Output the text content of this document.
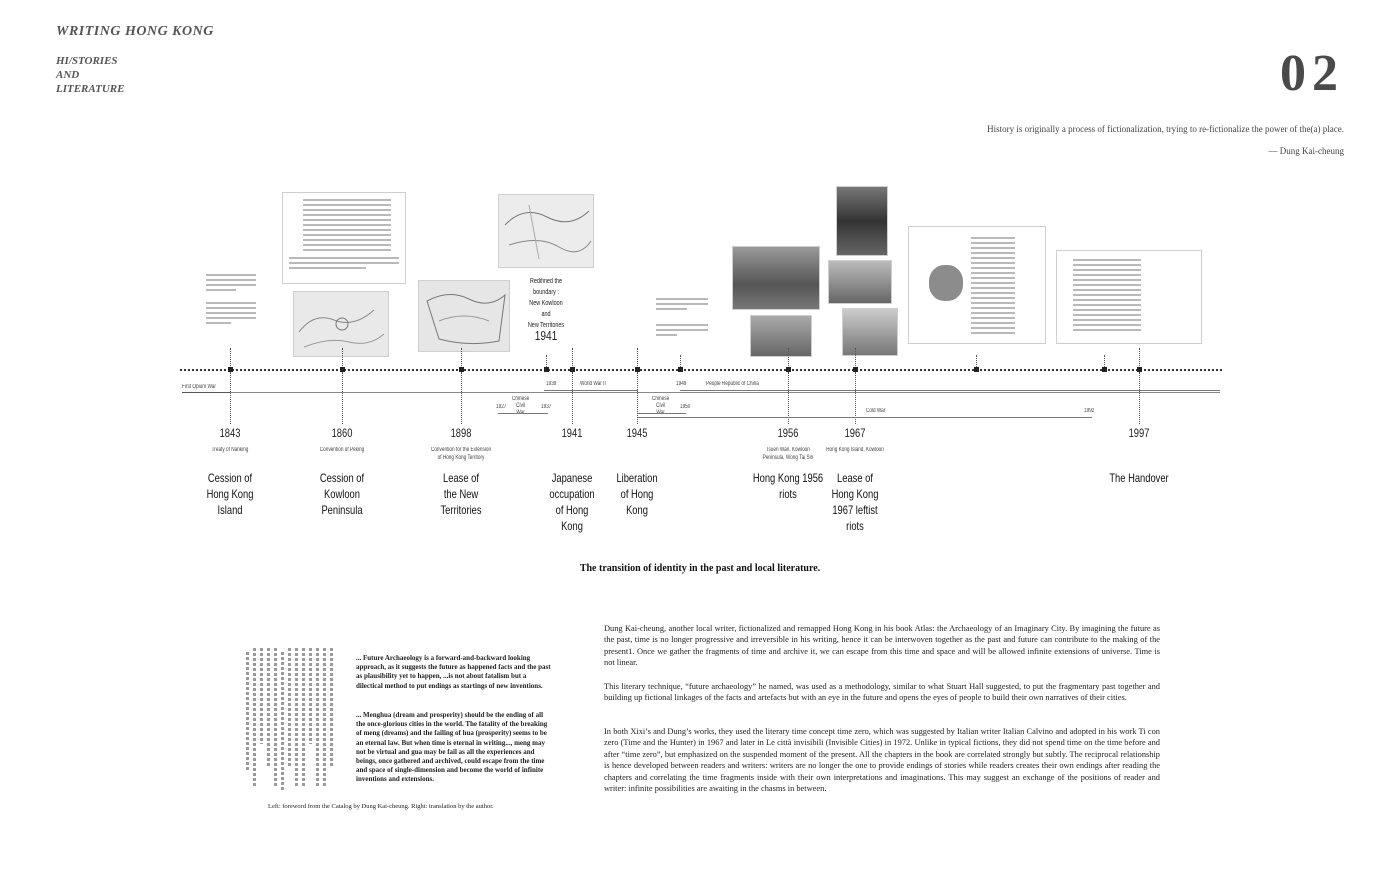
WRITING HONG KONG
HI/STORIES
AND
LITERATURE	02
History is originally a process of fictionalization, trying to re-fictionalize the power of the(a) place.
— Dung Kai-cheung
Redifined the
boundary :
New Kowloon
and
New Territories
1941
First Opium War	1939	World War II
Chinese Civil War
1927	1937
1949	People Republic of China
Chinese Civil War
1950
Cold War	1992
1843
Treaty of Nanking
Cession of Hong Kong Island
1860
Convention of Peking
Cession of Kowloon Peninsula
1898
Convention for the Extension of Hong Kong Territory
Lease of the New Territories
1941
Japanese occupation of Hong Kong
1945
Liberation of Hong Kong
1956
Tsuen Wan, Kowloon Peninsula, Wong Tai Sin
Hong Kong 1956 riots
1967
Hong Kong Island, Kowloon
Lease of Hong Kong 1967 leftist riots
1997
The Handover
The transition of identity in the past and local literature.
... Future Archaeology is a forward-and-backward looking approach, as it suggests the future as happened facts and the past as plausibility yet to happen, ...is not about fatalism but a dilectical method to put endings as startings of new inventions.
... Menghua (dream and prosperity) should be the ending of all the once-glorious cities in the world. The fatality of the breaking of meng (dreams) and the failing of hua (prosperity) seems to be an eternal law. But when time is eternal in writing..., meng may not be virtual and gua may be fail as all the experiences and beings, once gathered and archived, could escape from the time and space of single-dimension and become the world of infinite inventions and extensions.
Left: foreword from the Catalog by Dung Kai-cheung. Right: translation by the author.
Dung Kai-cheung, another local writer, fictionalized and remapped Hong Kong in his book Atlas: the Archaeology of an Imaginary City. By imagining the future as the past, time is no longer progressive and irreversible in his writing, hence it can be interwoven together as the past and future can contribute to the making of the present1. Once we gather the fragments of time and archive it, we can escape from this time and space and will be allowed infinite extensions of universe. Time is not linear.
This literary technique, “future archaeology” he named, was used as a methodology, similar to what Stuart Hall suggested, to put the fragmentary past together and building up fictional linkages of the facts and artefacts but with an eye in the future and opens the eyes of people to build their own narratives of their cities.
In both Xixi’s and Dung’s works, they used the literary time concept time zero, which was suggested by Italian writer Italian Calvino and adopted in his work Ti con zero (Time and the Hunter) in 1967 and later in Le città invisibili (Invisible Cities) in 1972. Unlike in typical fictions, they did not spend time on the time before and after “time zero”, but emphasized on the suspended moment of the present. All the chapters in the book are correlated strongly but subtly. The reciprocal relationship is hence developed between readers and writers: writers are no longer the one to provide endings of stories while readers creates their own endings after reading the chapters and correlating the time fragments inside with their own interpretations and imaginations. This may suggest an exchange of the positions of reader and writer: infinite possibilities are awaiting in the chasms in between.
